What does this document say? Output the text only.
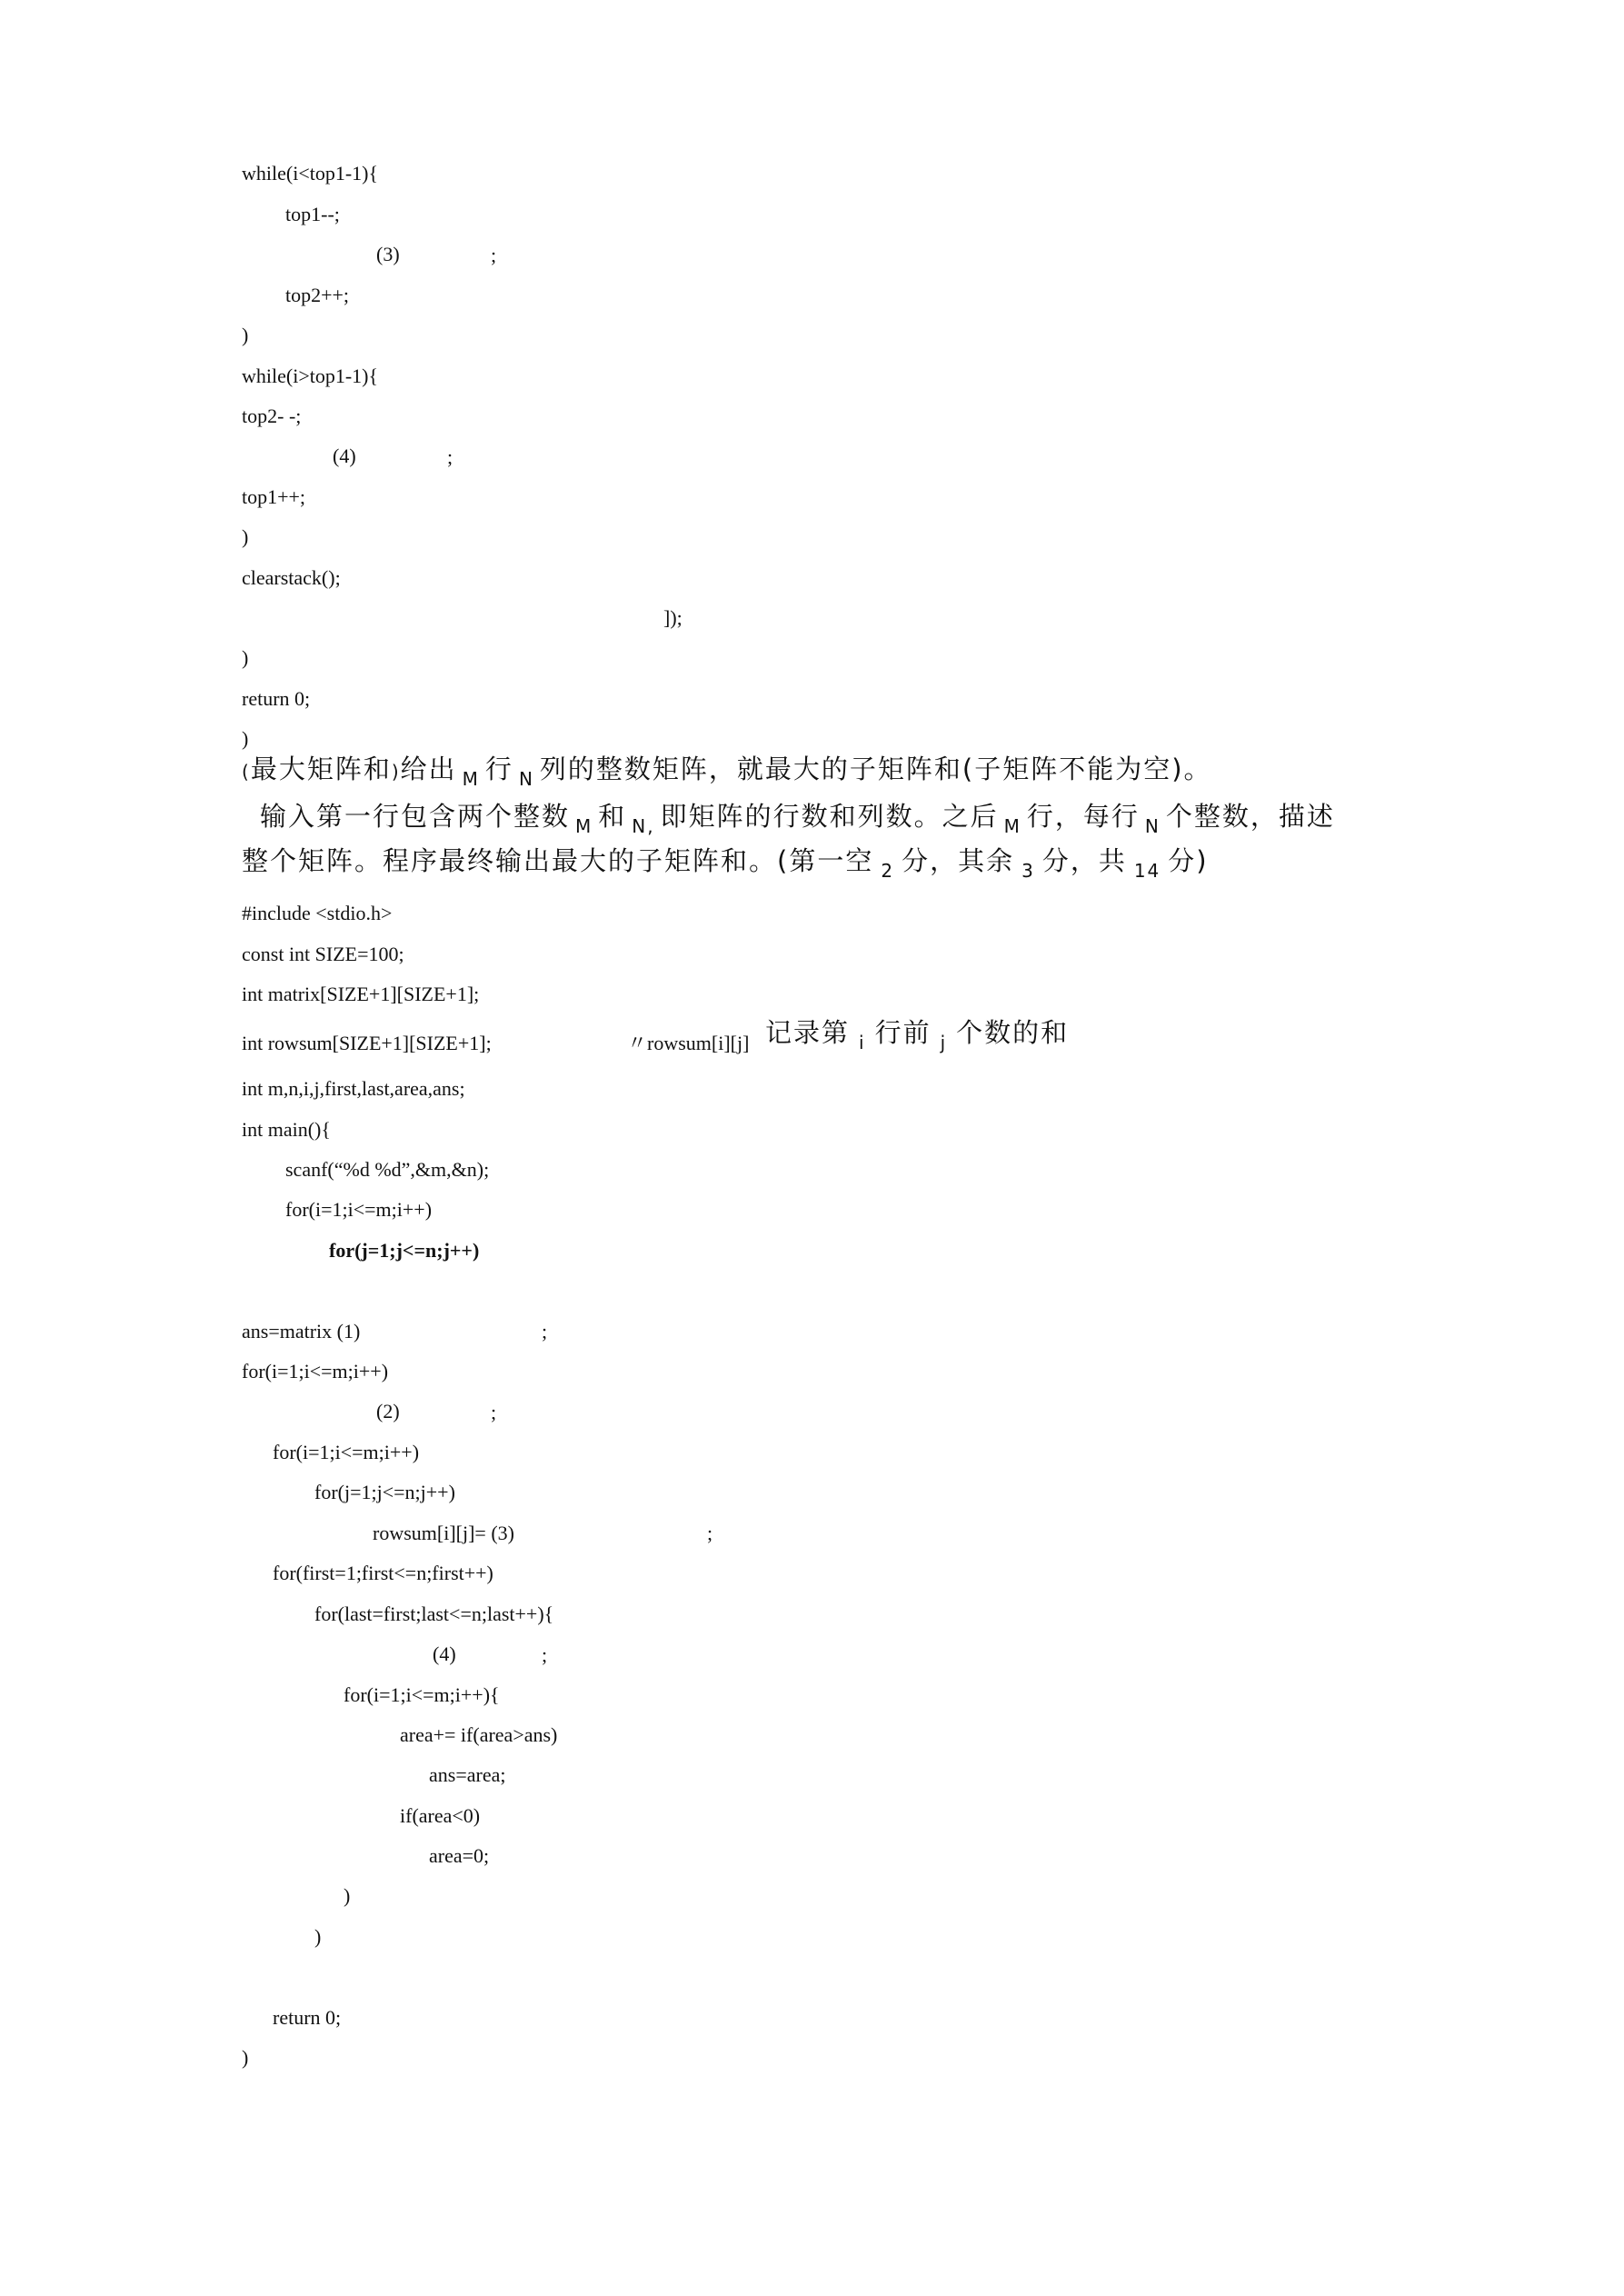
while(i<top1-1){
top1--;
(3)	;
top2++;
)
while(i>top1-1){
top2- -;
(4)	;
top1++;
)
clearstack();
]);
)
return 0;
)
(最大矩阵和)给出 $_M$ 行 $_N$ 列的整数矩阵，就最大的子矩阵和(子矩阵不能为空)。
输入第一行包含两个整数 $_M$ 和 $_{N,}$ 即矩阵的行数和列数。之后 $_M$ 行，每行 $_N$ 个整数，描述
整个矩阵。程序最终输出最大的子矩阵和。(第一空 $_2$ 分，其余 $_3$ 分，共 $_{14}$ 分)
#include <stdio.h>
const int SIZE=100;
int matrix[SIZE+1][SIZE+1];
int rowsum[SIZE+1][SIZE+1];	〃rowsum[i][j] 记录第 $_i$ 行前 $_j$ 个数的和
int m,n,i,j,first,last,area,ans;
int main(){
scanf(“%d %d”,&m,&n);
for(i=1;i<=m;i++)
for(j=1;j<=n;j++)
ans=matrix (1)	;
for(i=1;i<=m;i++)
(2)	;
for(i=1;i<=m;i++)
for(j=1;j<=n;j++)
rowsum[i][j]= (3)	;
for(first=1;first<=n;first++)
for(last=first;last<=n;last++){
(4)	;
for(i=1;i<=m;i++){
area+= if(area>ans)
ans=area;
if(area<0)
area=0;
)
)
return 0;
)
